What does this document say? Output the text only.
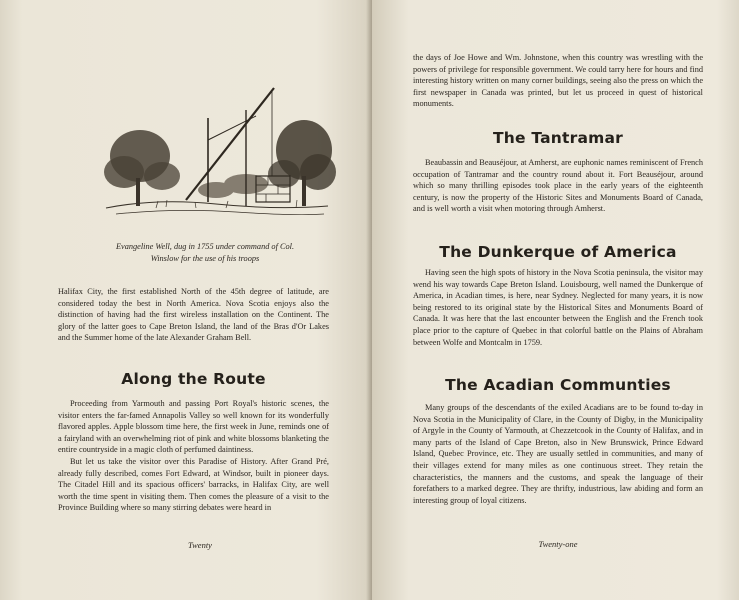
Evangeline Well, dug in 1755 under command of Col.
Winslow for the use of his troops

Halifax City, the first established North of the 45th degree of latitude, are considered today the best in North America. Nova Scotia enjoys also the distinction of having had the first wireless installation on the Continent. The glory of the latter goes to Cape Breton Island, the land of the Bras d'Or Lakes and the Summer home of the late Alexander Graham Bell.

Along the Route

Proceeding from Yarmouth and passing Port Royal's historic scenes, the visitor enters the far-famed Annapolis Valley so well known for its wonderfully flavored apples. Apple blossom time here, the first week in June, reminds one of a fairyland with an overwhelming riot of pink and white blossoms blanketing the entire countryside in a magic cloth of perfumed daintiness.

But let us take the visitor over this Paradise of History. After Grand Pré, already fully described, comes Fort Edward, at Windsor, built in pioneer days. The Citadel Hill and its spacious officers' barracks, in Halifax City, are well worth the time spent in visiting them. Then comes the pleasure of a visit to the Province Building where so many stirring debates were heard in

Twenty

the days of Joe Howe and Wm. Johnstone, when this country was wrestling with the powers of privilege for responsible government. We could tarry here for hours and find interesting history written on many corner buildings, seeing also the press on which the first newspaper in Canada was printed, but let us proceed in quest of historical monuments.

The Tantramar

Beaubassin and Beauséjour, at Amherst, are euphonic names reminiscent of French occupation of Tantramar and the country round about it. Fort Beauséjour, around which so many thrilling episodes took place in the early years of the eighteenth century, is now the property of the Historic Sites and Monuments Board of Canada, and is well worth a visit when motoring through Amherst.

The Dunkerque of America

Having seen the high spots of history in the Nova Scotia peninsula, the visitor may wend his way towards Cape Breton Island. Louisbourg, well named the Dunkerque of America, in Acadian times, is here, near Sydney. Neglected for many years, it is now being restored to its original state by the Historical Sites and Monuments Board of Canada. It was here that the last encounter between the English and the French took place prior to the capture of Quebec in that colorful battle on the Plains of Abraham between Wolfe and Montcalm in 1759.

The Acadian Communties

Many groups of the descendants of the exiled Acadians are to be found to-day in Nova Scotia in the Municipality of Clare, in the County of Digby, in the Municipality of Argyle in the County of Yarmouth, at Chezzetcook in the County of Halifax, and in many parts of the Island of Cape Breton, also in New Brunswick, Prince Edward Island, Quebec Province, etc. They are usually settled in communities, and many of their villages extend for many miles as one continuous street. They retain the characteristics, the manners and the customs, and speak the language of their forefathers to a marked degree. They are thrifty, industrious, law abiding and form an interesting group of loyal citizens.

Twenty-one
